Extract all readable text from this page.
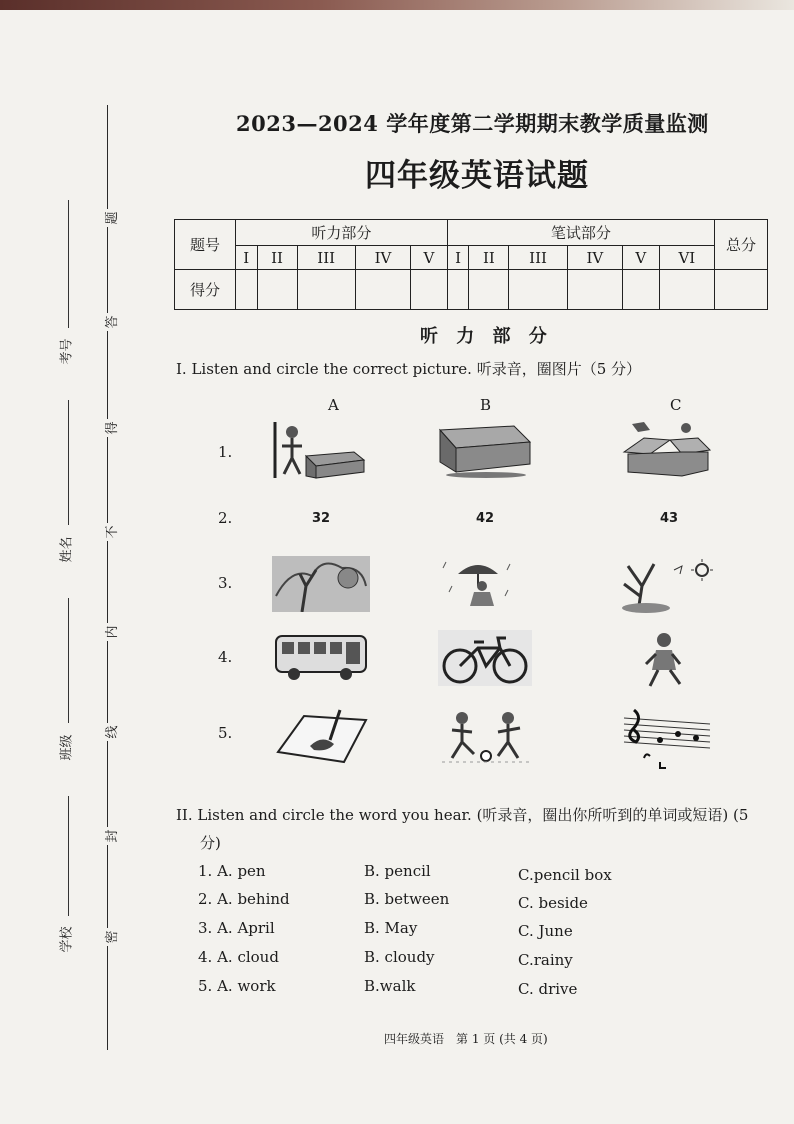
题
答
得
不
内
线
封
密
考号
姓名
班级
学校
2023—2024 学年度第二学期期末教学质量监测
四年级英语试题
题号	听力部分					笔试部分						总分
	I	II	III	IV	V	I	II	III	IV	V	VI	
得分												
听 力 部 分
I. Listen and circle the correct picture. 听录音，圈图片（5 分）
A	B	C
1.
2.
3.
4.
5.
32	42	43
II. Listen and circle the word you hear. (听录音，圈出你所听到的单词或短语) (5
分)
1. A. pen	B. pencil	C.pencil box
2. A. behind	B. between	C. beside
3. A. April	B. May	C. June
4. A. cloud	B. cloudy	C.rainy
5. A. work	B.walk	C. drive
四年级英语　第 1 页 (共 4 页)
